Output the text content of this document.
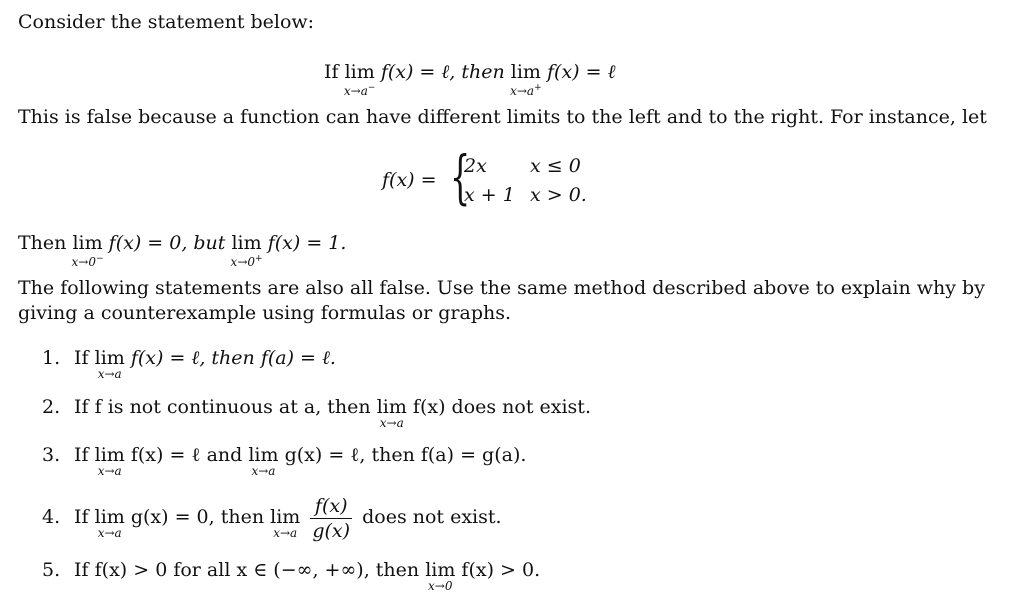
Consider the statement below:
If lim
x→a−
f(x) = ℓ, then lim
x→a+
f(x) = ℓ
This is false because a function can have different limits to the left and to the right. For instance, let
f(x) = {
2x x ≤ 0
x + 1 x > 0.
Then lim
x→0−
f(x) = 0, but lim
x→0+
f(x) = 1.
The following statements are also all false. Use the same method described above to explain why by
giving a counterexample using formulas or graphs.
1. If lim
x→a
f(x) = ℓ, then f(a) = ℓ.
2. If f is not continuous at a, then lim
x→a
f(x) does not exist.
3. If lim
x→a
f(x) = ℓ and lim
x→a
g(x) = ℓ, then f(a) = g(a).
4. If lim
x→a
g(x) = 0, then lim
x→a
$\frac{f(x)}{g(x)}$ does not exist.
5. If f(x) > 0 for all x ∈ (−∞, +∞), then lim
x→0
f(x) > 0.
